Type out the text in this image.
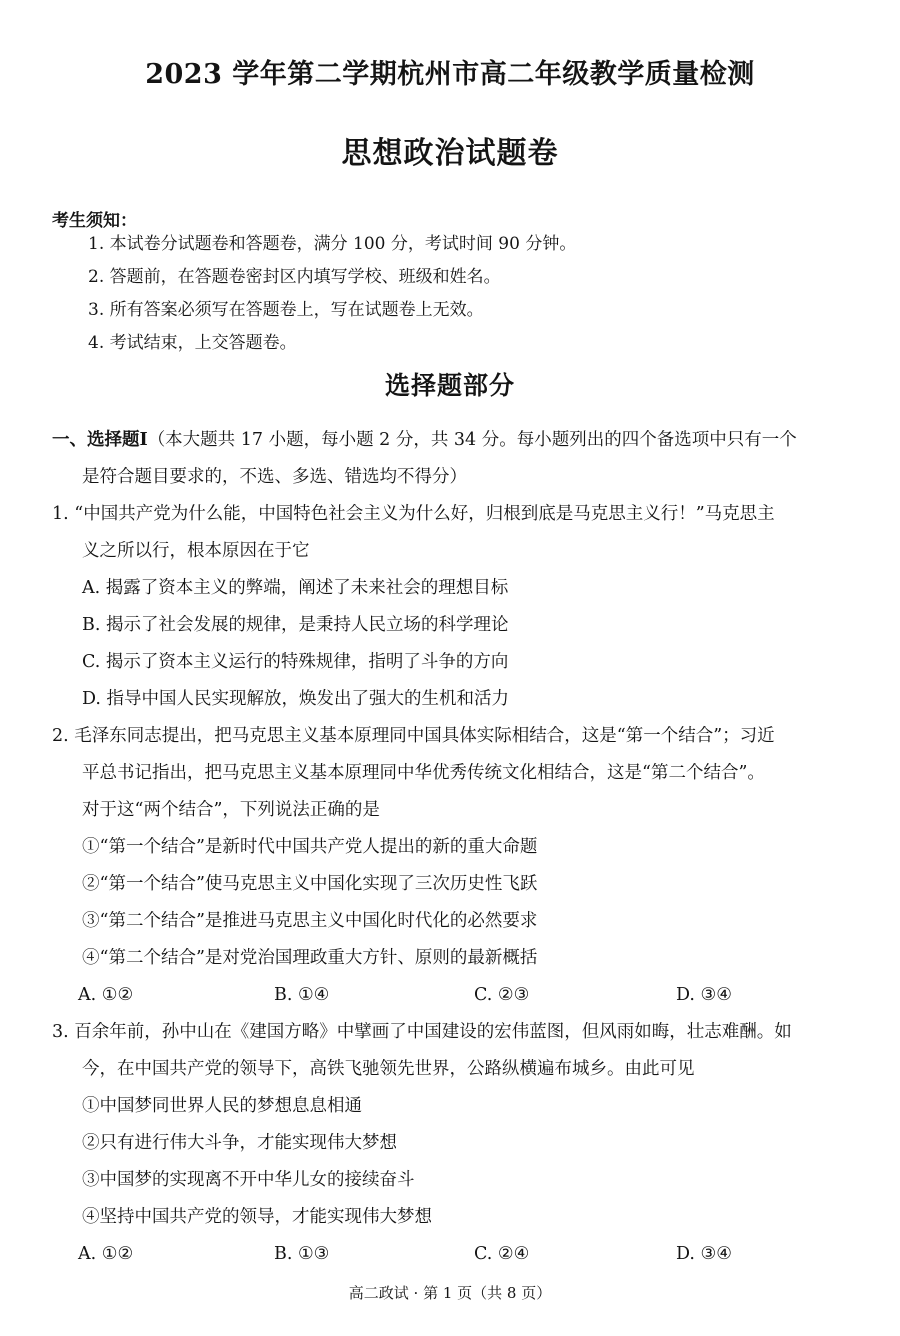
2023 学年第二学期杭州市高二年级教学质量检测
思想政治试题卷
考生须知：
1. 本试卷分试题卷和答题卷，满分 100 分，考试时间 90 分钟。
2. 答题前，在答题卷密封区内填写学校、班级和姓名。
3. 所有答案必须写在答题卷上，写在试题卷上无效。
4. 考试结束，上交答题卷。
选择题部分
一、选择题Ⅰ（本大题共 17 小题，每小题 2 分，共 34 分。每小题列出的四个备选项中只有一个
是符合题目要求的，不选、多选、错选均不得分）
1. “中国共产党为什么能，中国特色社会主义为什么好，归根到底是马克思主义行！”马克思主
义之所以行，根本原因在于它
A. 揭露了资本主义的弊端，阐述了未来社会的理想目标
B. 揭示了社会发展的规律，是秉持人民立场的科学理论
C. 揭示了资本主义运行的特殊规律，指明了斗争的方向
D. 指导中国人民实现解放，焕发出了强大的生机和活力
2. 毛泽东同志提出，把马克思主义基本原理同中国具体实际相结合，这是“第一个结合”；习近
平总书记指出，把马克思主义基本原理同中华优秀传统文化相结合，这是“第二个结合”。
对于这“两个结合”，下列说法正确的是
①“第一个结合”是新时代中国共产党人提出的新的重大命题
②“第一个结合”使马克思主义中国化实现了三次历史性飞跃
③“第二个结合”是推进马克思主义中国化时代化的必然要求
④“第二个结合”是对党治国理政重大方针、原则的最新概括
A. ①②	B. ①④	C. ②③	D. ③④
3. 百余年前，孙中山在《建国方略》中擘画了中国建设的宏伟蓝图，但风雨如晦，壮志难酬。如
今，在中国共产党的领导下，高铁飞驰领先世界，公路纵横遍布城乡。由此可见
①中国梦同世界人民的梦想息息相通
②只有进行伟大斗争，才能实现伟大梦想
③中国梦的实现离不开中华儿女的接续奋斗
④坚持中国共产党的领导，才能实现伟大梦想
A. ①②	B. ①③	C. ②④	D. ③④
高二政试 · 第 1 页（共 8 页）
